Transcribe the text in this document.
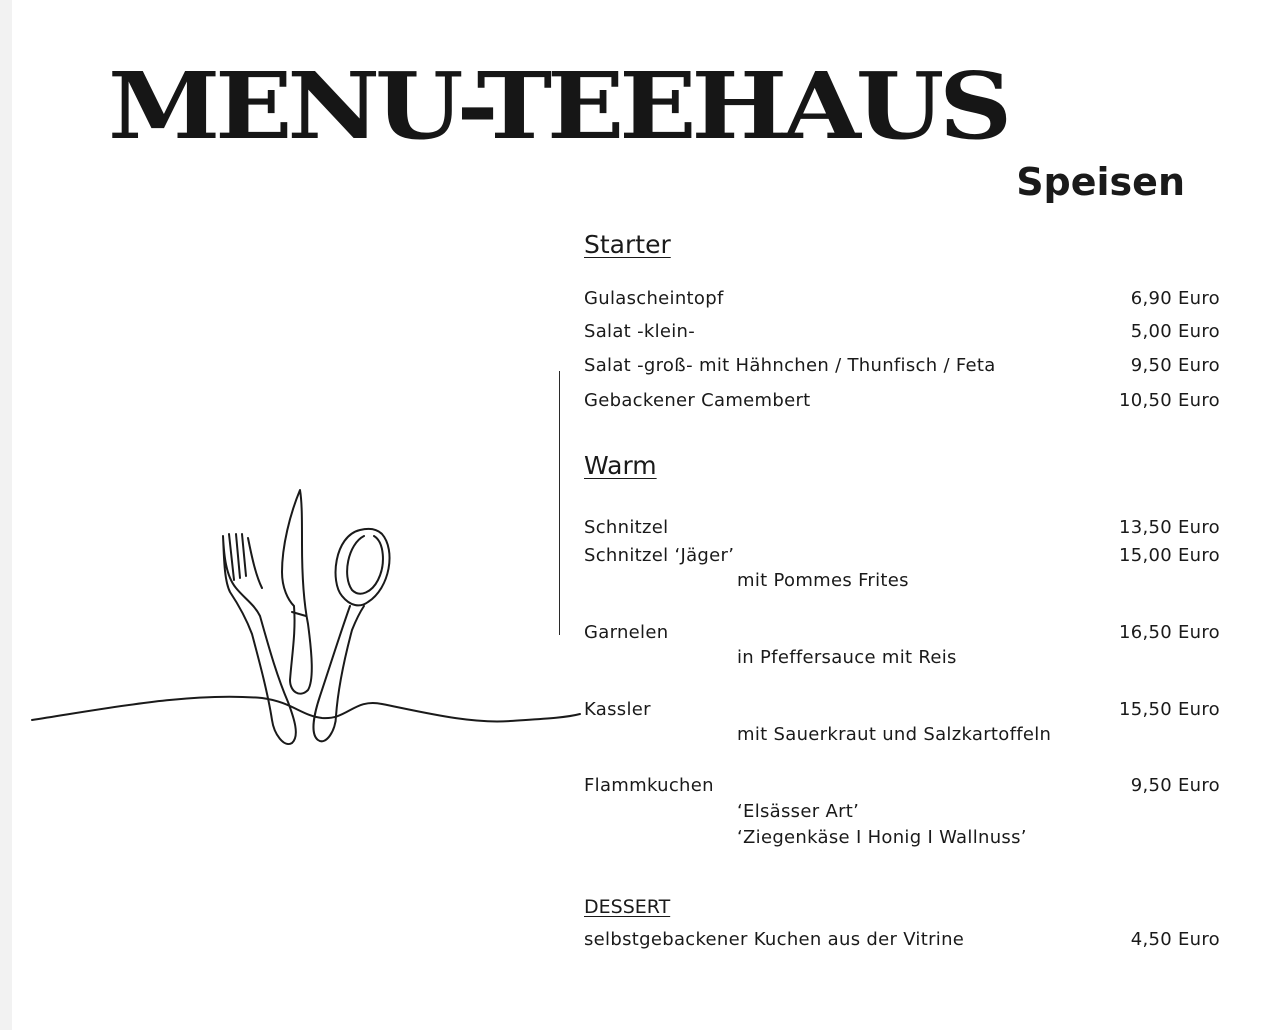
MENU-TEEHAUS
Speisen
Starter
Gulascheintopf	6,90 Euro
Salat -klein-	5,00 Euro
Salat -groß- mit Hähnchen / Thunfisch / Feta	9,50 Euro
Gebackener Camembert	10,50 Euro
Warm
Schnitzel	13,50 Euro
Schnitzel ‘Jäger’	15,00 Euro
mit Pommes Frites
Garnelen	16,50 Euro
in Pfeffersauce mit Reis
Kassler	15,50 Euro
mit Sauerkraut und Salzkartoffeln
Flammkuchen	9,50 Euro
‘Elsässer Art’
‘Ziegenkäse I Honig I Wallnuss’
DESSERT
selbstgebackener Kuchen aus der Vitrine	4,50 Euro
